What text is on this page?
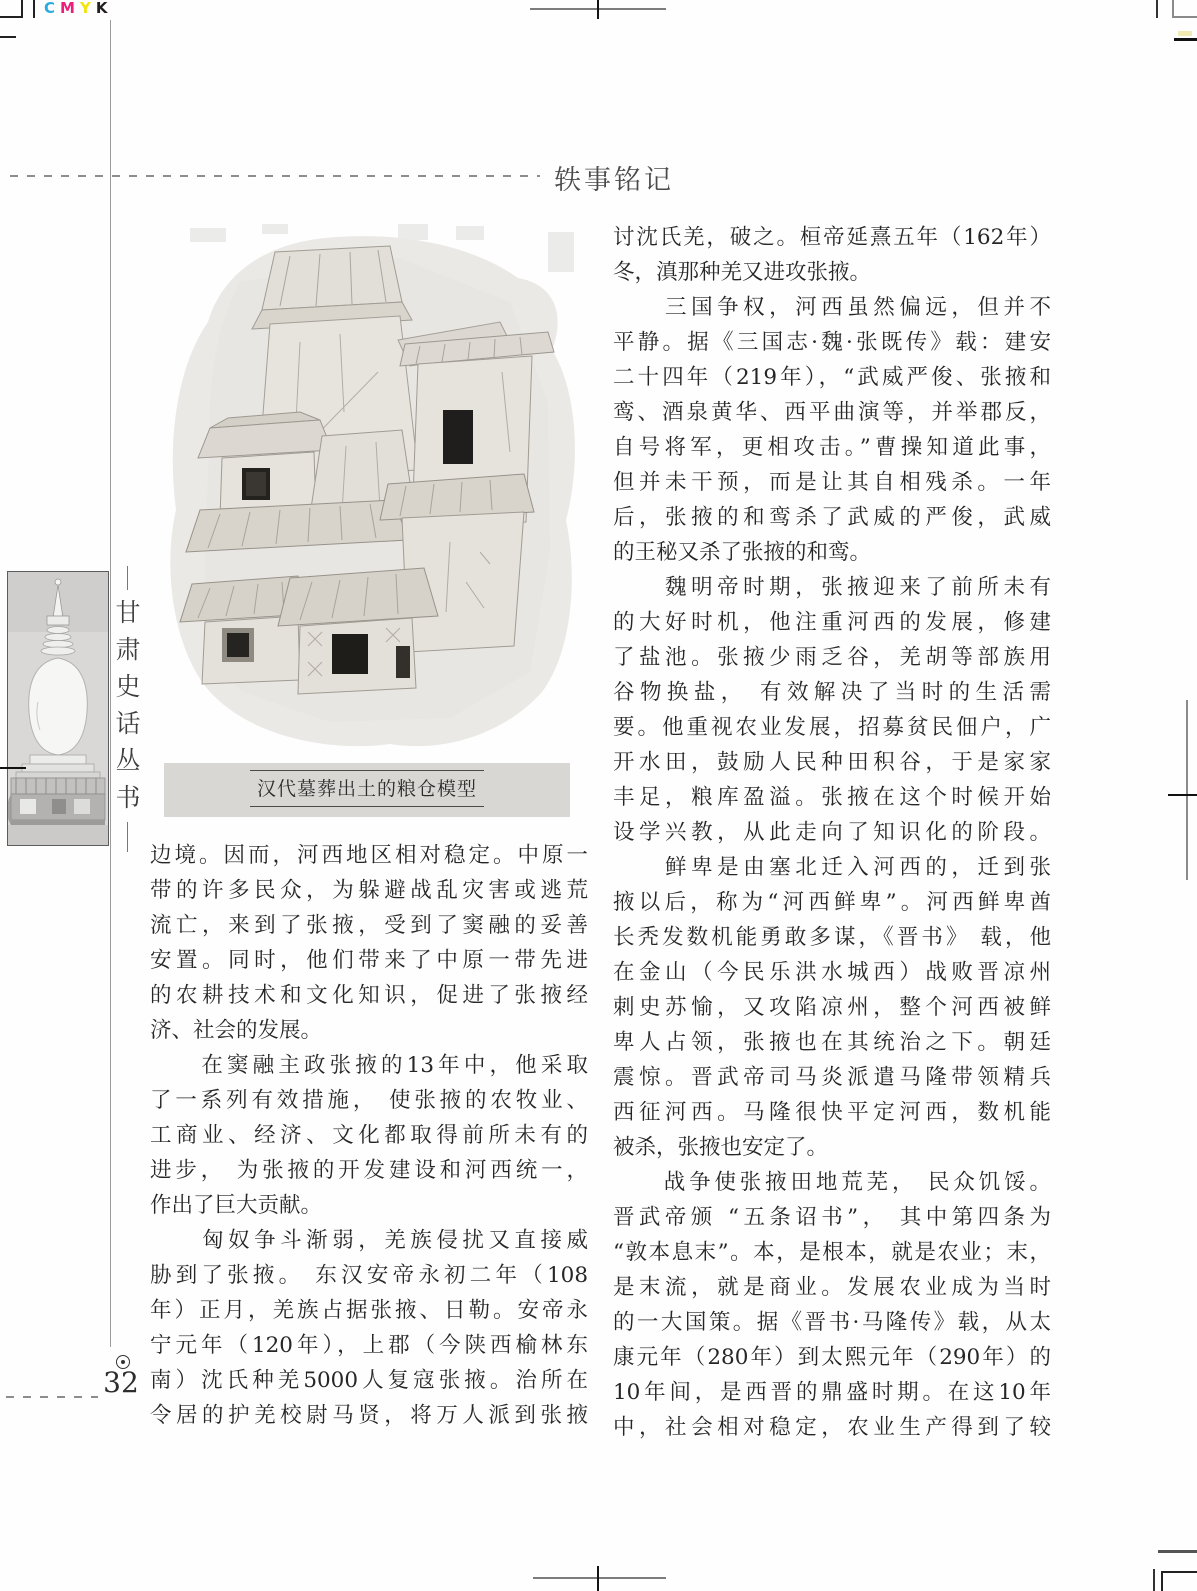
CMYK
轶事铭记
甘
肃
史
话
丛
书	汉代墓葬出土的粮仓模型
边境。因而，河西地区相对稳定。中原一
带的许多民众，为躲避战乱灾害或逃荒
流亡，来到了张掖，受到了窦融的妥善
安置。同时，他们带来了中原一带先进
的农耕技术和文化知识，促进了张掖经
济、社会的发展。
　　在窦融主政张掖的13年中，他采取
了一系列有效措施， 使张掖的农牧业、
工商业、经济、文化都取得前所未有的
进步， 为张掖的开发建设和河西统一，
作出了巨大贡献。
　　匈奴争斗渐弱，羌族侵扰又直接威
胁到了张掖。 东汉安帝永初二年（108
年）正月，羌族占据张掖、日勒。安帝永
宁元年（120年），上郡（今陕西榆林东
南）沈氏种羌5000人复寇张掖。治所在
令居的护羌校尉马贤，将万人派到张掖
讨沈氏羌，破之。桓帝延熹五年（162年）
冬，滇那种羌又进攻张掖。
　　三国争权，河西虽然偏远，但并不
平静。据《三国志·魏·张既传》载：建安
二十四年（219年），“武威严俊、张掖和
鸾、酒泉黄华、西平曲演等，并举郡反，
自号将军，更相攻击。”曹操知道此事，
但并未干预，而是让其自相残杀。一年
后，张掖的和鸾杀了武威的严俊，武威
的王秘又杀了张掖的和鸾。
　　魏明帝时期，张掖迎来了前所未有
的大好时机，他注重河西的发展，修建
了盐池。张掖少雨乏谷，羌胡等部族用
谷物换盐， 有效解决了当时的生活需
要。他重视农业发展，招募贫民佃户，广
开水田，鼓励人民种田积谷，于是家家
丰足，粮库盈溢。张掖在这个时候开始
设学兴教，从此走向了知识化的阶段。
　　鲜卑是由塞北迁入河西的，迁到张
掖以后，称为“河西鲜卑”。河西鲜卑酋
长秃发数机能勇敢多谋，《晋书》 载，他
在金山（今民乐洪水城西）战败晋凉州
刺史苏愉，又攻陷凉州，整个河西被鲜
卑人占领，张掖也在其统治之下。朝廷
震惊。晋武帝司马炎派遣马隆带领精兵
西征河西。马隆很快平定河西，数机能
被杀，张掖也安定了。
　　战争使张掖田地荒芜， 民众饥馁。
晋武帝颁 “五条诏书”， 其中第四条为
“敦本息末”。本，是根本，就是农业；末，
是末流，就是商业。发展农业成为当时
的一大国策。据《晋书·马隆传》载，从太
康元年（280年）到太熙元年（290年）的
10年间，是西晋的鼎盛时期。在这10年
中，社会相对稳定，农业生产得到了较
32
